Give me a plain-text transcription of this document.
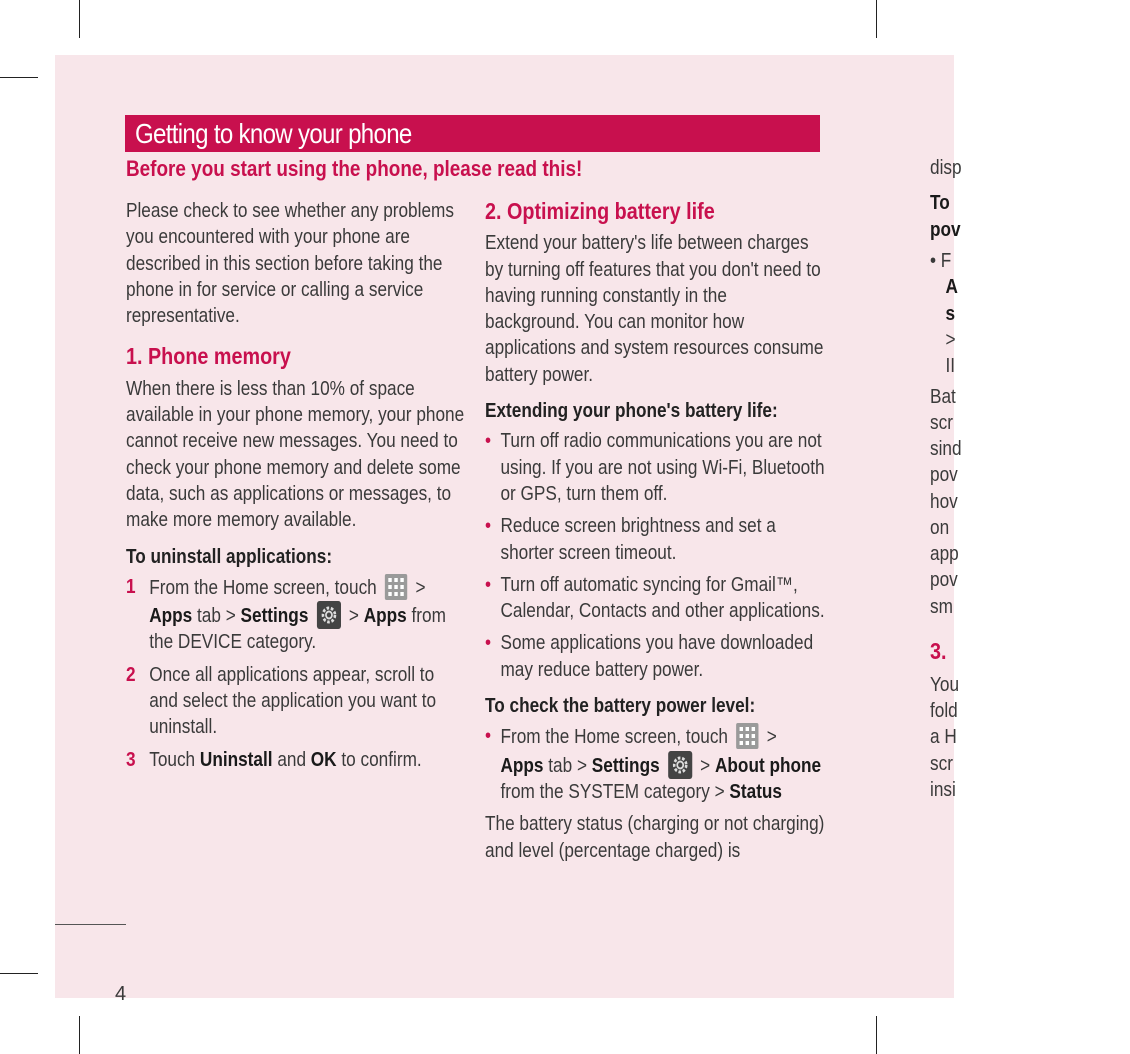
Getting to know your phone
Before you start using the phone, please read this!

Please check to see whether any problems you encountered with your phone are described in this section before taking the phone in for service or calling a service representative.

1. Phone memory

When there is less than 10% of space available in your phone memory, your phone cannot receive new messages. You need to check your phone memory and delete some data, such as applications or messages, to make more memory available.

To uninstall applications:

1 From the Home screen, touch >
Apps tab > Settings > Apps from the DEVICE category.
2 Once all applications appear, scroll to and select the application you want to uninstall.
3 Touch Uninstall and OK to confirm.

2. Optimizing battery life

Extend your battery's life between charges by turning off features that you don't need to having running constantly in the background. You can monitor how applications and system resources consume battery power.

Extending your phone's battery life:

• Turn off radio communications you are not using. If you are not using Wi-Fi, Bluetooth or GPS, turn them off.
• Reduce screen brightness and set a shorter screen timeout.
• Turn off automatic syncing for Gmail™, Calendar, Contacts and other applications.
• Some applications you have downloaded may reduce battery power.

To check the battery power level:

• From the Home screen, touch >
Apps tab > Settings > About phone from the SYSTEM category > Status

The battery status (charging or not charging) and level (percentage charged) is

disp
To
pov
• F
A
s
>
II
Bat
scr
sind
pov
hov
on
app
pov
sm
3.
You
fold
a H
scr
insi
4
